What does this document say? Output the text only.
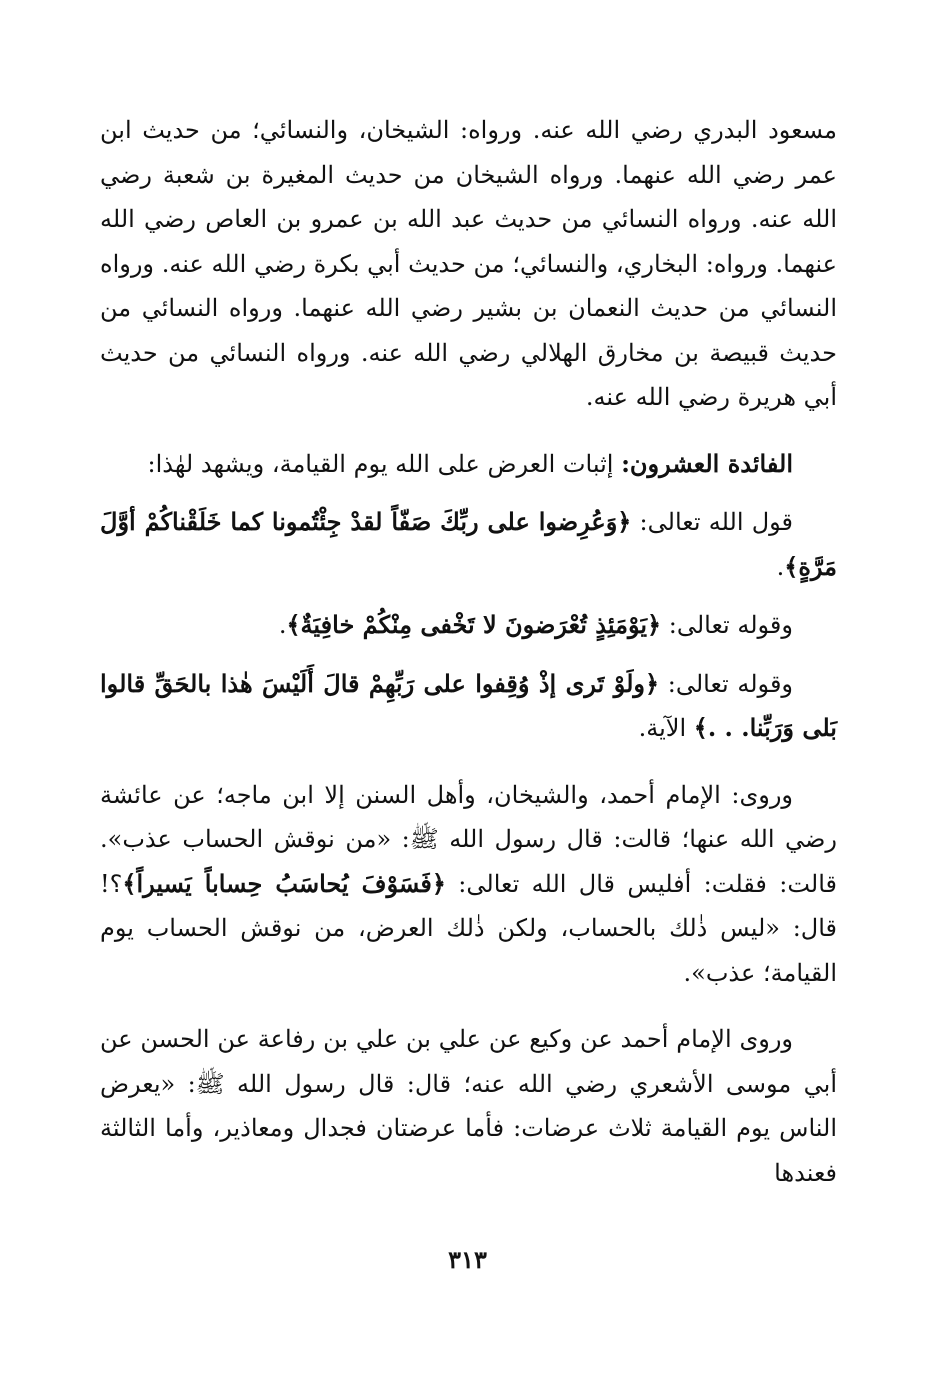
مسعود البدري رضي الله عنه. ورواه: الشيخان، والنسائي؛ من حديث ابن عمر رضي الله عنهما. ورواه الشيخان من حديث المغيرة بن شعبة رضي الله عنه. ورواه النسائي من حديث عبد الله بن عمرو بن العاص رضي الله عنهما. ورواه: البخاري، والنسائي؛ من حديث أبي بكرة رضي الله عنه. ورواه النسائي من حديث النعمان بن بشير رضي الله عنهما. ورواه النسائي من حديث قبيصة بن مخارق الهلالي رضي الله عنه. ورواه النسائي من حديث أبي هريرة رضي الله عنه.

الفائدة العشرون: إثبات العرض على الله يوم القيامة، ويشهد لهٰذا:

قول الله تعالى: ﴿وَعُرِضوا على ربِّكَ صَفّاً لقدْ جِئْتُمونا كما خَلَقْناكُمْ أوَّلَ مَرَّةٍ﴾.

وقوله تعالى: ﴿يَوْمَئِذٍ تُعْرَضونَ لا تَخْفى مِنْكُمْ خافِيَةٌ﴾.

وقوله تعالى: ﴿ولَوْ تَرى إذْ وُقِفوا على رَبِّهِمْ قالَ أَلَيْسَ هٰذا بالحَقِّ قالوا بَلى وَرَبِّنا. . .﴾ الآية.

وروى: الإمام أحمد، والشيخان، وأهل السنن إلا ابن ماجه؛ عن عائشة رضي الله عنها؛ قالت: قال رسول الله ﷺ: «من نوقش الحساب عذب». قالت: فقلت: أفليس قال الله تعالى: ﴿فَسَوْفَ يُحاسَبُ حِساباً يَسيراً﴾؟! قال: «ليس ذٰلك بالحساب، ولكن ذٰلك العرض، من نوقش الحساب يوم القيامة؛ عذب».

وروى الإمام أحمد عن وكيع عن علي بن علي بن رفاعة عن الحسن عن أبي موسى الأشعري رضي الله عنه؛ قال: قال رسول الله ﷺ: «يعرض الناس يوم القيامة ثلاث عرضات: فأما عرضتان فجدال ومعاذير، وأما الثالثة فعندها

٣١٣
